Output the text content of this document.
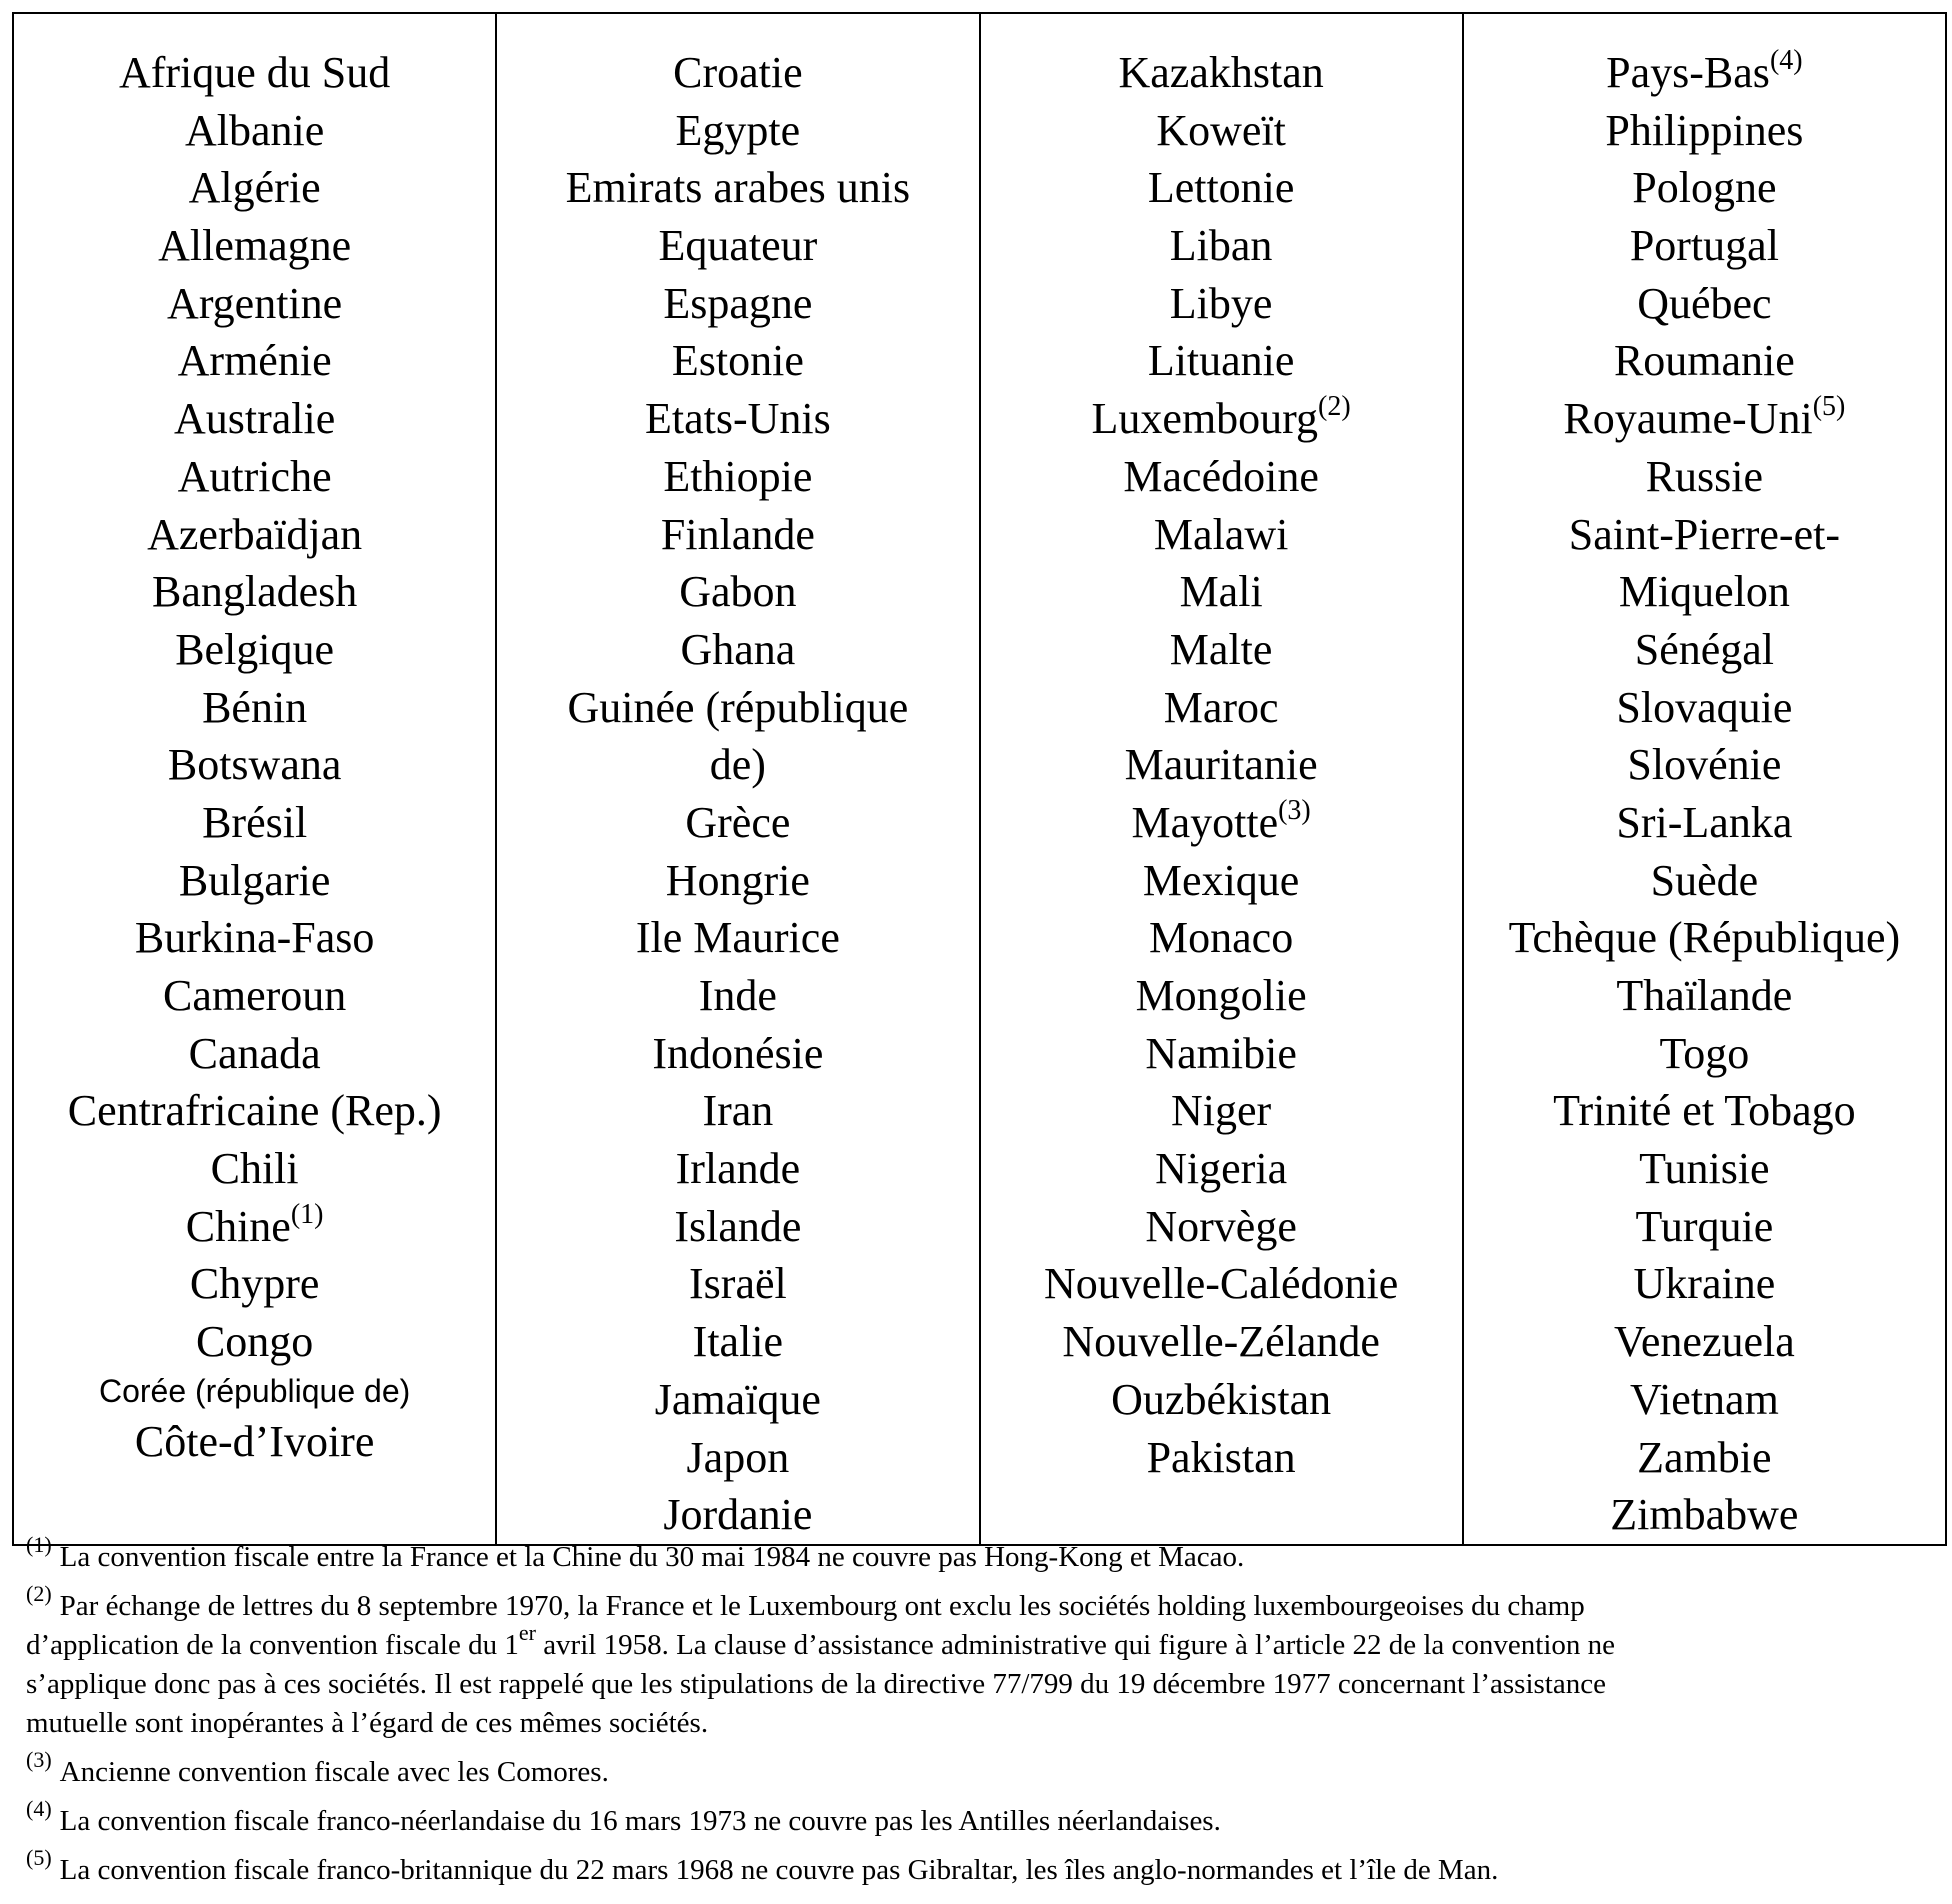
Afrique du Sud
Albanie
Algérie
Allemagne
Argentine
Arménie
Australie
Autriche
Azerbaïdjan
Bangladesh
Belgique
Bénin
Botswana
Brésil
Bulgarie
Burkina-Faso
Cameroun
Canada
Centrafricaine (Rep.)
Chili
Chine$^{(1)}$
Chypre
Congo
Corée (république de)
Côte-d’Ivoire

Croatie
Egypte
Emirats arabes unis
Equateur
Espagne
Estonie
Etats-Unis
Ethiopie
Finlande
Gabon
Ghana
Guinée (république
de)
Grèce
Hongrie
Ile Maurice
Inde
Indonésie
Iran
Irlande
Islande
Israël
Italie
Jamaïque
Japon
Jordanie

Kazakhstan
Koweït
Lettonie
Liban
Libye
Lituanie
Luxembourg$^{(2)}$
Macédoine
Malawi
Mali
Malte
Maroc
Mauritanie
Mayotte$^{(3)}$
Mexique
Monaco
Mongolie
Namibie
Niger
Nigeria
Norvège
Nouvelle-Calédonie
Nouvelle-Zélande
Ouzbékistan
Pakistan

Pays-Bas$^{(4)}$
Philippines
Pologne
Portugal
Québec
Roumanie
Royaume-Uni$^{(5)}$
Russie
Saint-Pierre-et-
Miquelon
Sénégal
Slovaquie
Slovénie
Sri-Lanka
Suède
Tchèque (République)
Thaïlande
Togo
Trinité et Tobago
Tunisie
Turquie
Ukraine
Venezuela
Vietnam
Zambie
Zimbabwe

$^{(1)}$ La convention fiscale entre la France et la Chine du 30 mai 1984 ne couvre pas Hong-Kong et Macao.

$^{(2)}$ Par échange de lettres du 8 septembre 1970, la France et le Luxembourg ont exclu les sociétés holding luxembourgeoises du champ

d’application de la convention fiscale du 1er avril 1958. La clause d’assistance administrative qui figure à l’article 22 de la convention ne

s’applique donc pas à ces sociétés. Il est rappelé que les stipulations de la directive 77/799 du 19 décembre 1977 concernant l’assistance

mutuelle sont inopérantes à l’égard de ces mêmes sociétés.

$^{(3)}$ Ancienne convention fiscale avec les Comores.

$^{(4)}$ La convention fiscale franco-néerlandaise du 16 mars 1973 ne couvre pas les Antilles néerlandaises.

$^{(5)}$ La convention fiscale franco-britannique du 22 mars 1968 ne couvre pas Gibraltar, les îles anglo-normandes et l’île de Man.
